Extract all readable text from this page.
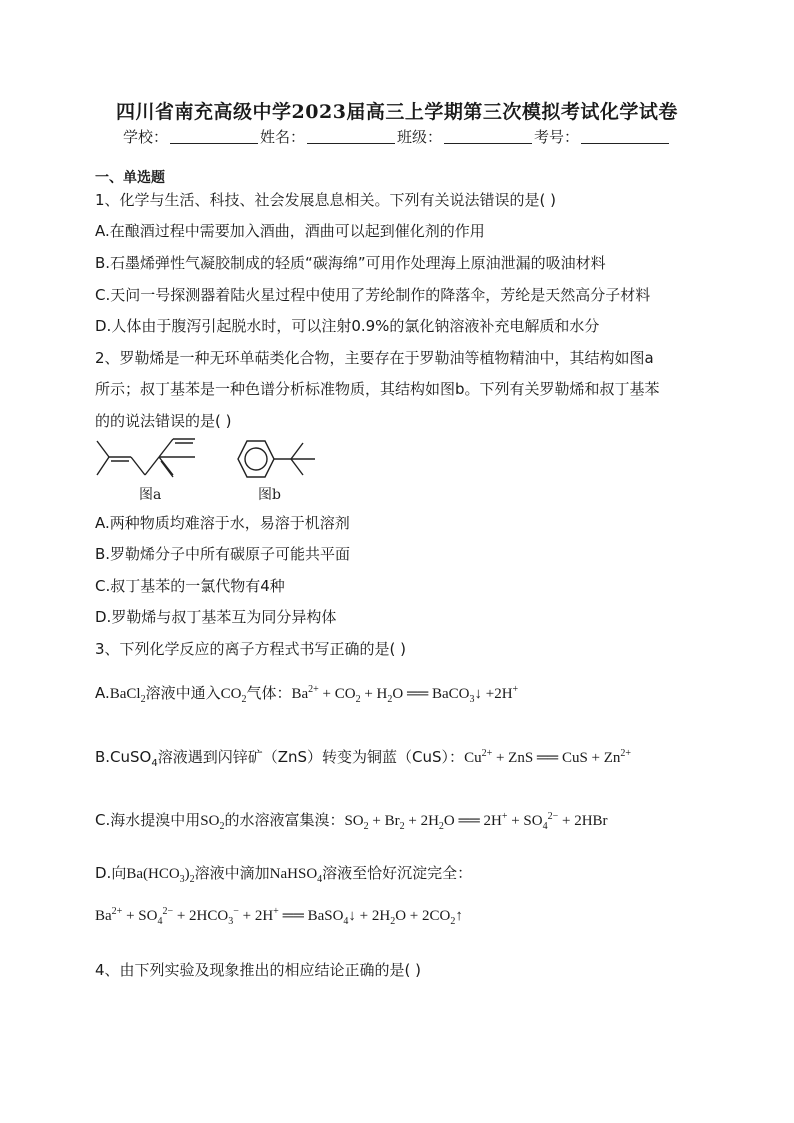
四川省南充高级中学2023届高三上学期第三次模拟考试化学试卷
学校：	姓名：	班级：	考号：
一、单选题
1、化学与生活、科技、社会发展息息相关。下列有关说法错误的是( )
A.在酿酒过程中需要加入酒曲，酒曲可以起到催化剂的作用
B.石墨烯弹性气凝胶制成的轻质“碳海绵”可用作处理海上原油泄漏的吸油材料
C.天问一号探测器着陆火星过程中使用了芳纶制作的降落伞，芳纶是天然高分子材料
D.人体由于腹泻引起脱水时，可以注射0.9%的氯化钠溶液补充电解质和水分
2、罗勒烯是一种无环单萜类化合物，主要存在于罗勒油等植物精油中，其结构如图a
所示；叔丁基苯是一种色谱分析标准物质，其结构如图b。下列有关罗勒烯和叔丁基苯
的的说法错误的是( )
图a	图b
A.两种物质均难溶于水，易溶于机溶剂
B.罗勒烯分子中所有碳原子可能共平面
C.叔丁基苯的一氯代物有4种
D.罗勒烯与叔丁基苯互为同分异构体
3、下列化学反应的离子方程式书写正确的是( )
A.BaCl$_2$溶液中通入$CO_2$气体：$Ba^{2+} + CO_2 + H_2O$ ══ BaCO$_3$↓ +2H+
B.CuSO$_4$溶液遇到闪锌矿（ZnS）转变为铜蓝（CuS）：$Cu^{2+}$ + ZnS ══ CuS + $Zn^{2+}$
C.海水提溴中用$SO_2$的水溶液富集溴：$SO_2 + Br_2 + 2H_2O$ ══ $2H^+ + SO_4^{2-} + 2HBr$
D.向$Ba(HCO_3)_2$溶液中滴加NaHSO$_4$溶液至恰好沉淀完全：
$Ba^{2+} + SO_4^{2-} + 2HCO_3^- + 2H^+$ ══ BaSO$_4$↓ + $2H_2O$ + $2CO_2↑$
4、由下列实验及现象推出的相应结论正确的是( )
